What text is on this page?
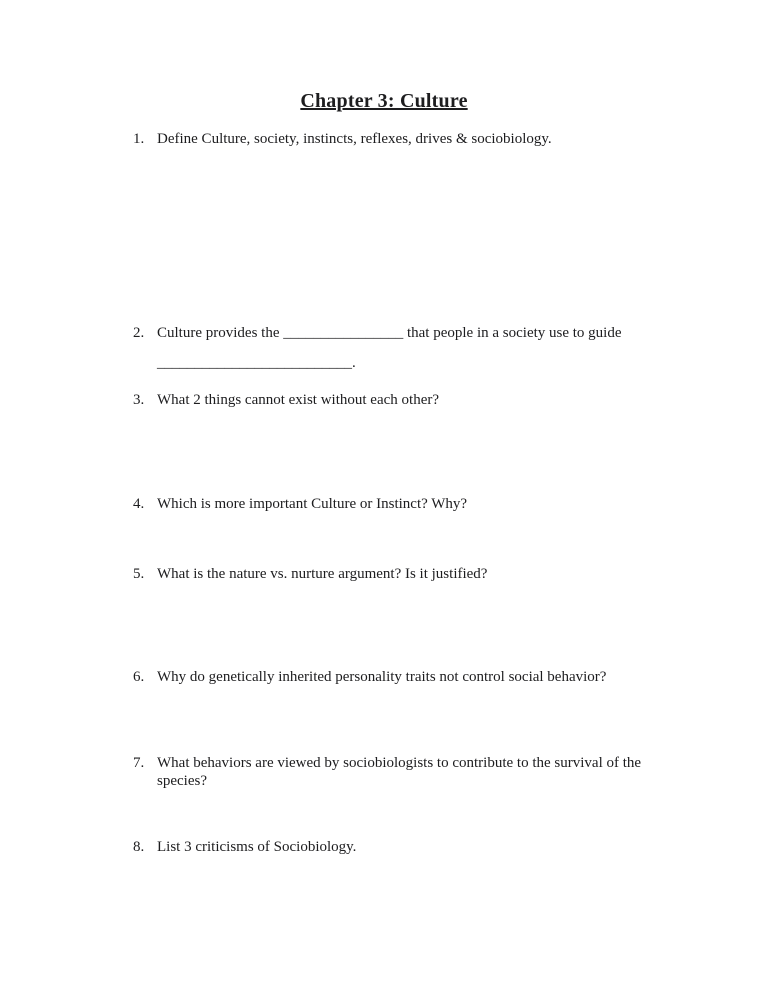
Chapter 3: Culture
1. Define Culture, society, instincts, reflexes, drives & sociobiology.
2. Culture provides the ________________ that people in a society use to guide
__________________________.
3. What 2 things cannot exist without each other?
4. Which is more important Culture or Instinct? Why?
5. What is the nature vs. nurture argument? Is it justified?
6. Why do genetically inherited personality traits not control social behavior?
7. What behaviors are viewed by sociobiologists to contribute to the survival of the
species?
8. List 3 criticisms of Sociobiology.
